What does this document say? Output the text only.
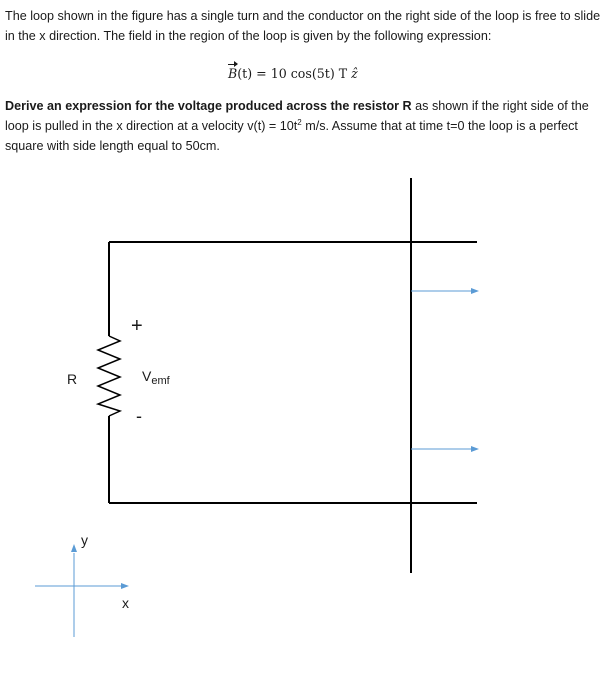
The loop shown in the figure has a single turn and the conductor on the right side of the loop is free to slide in the x direction. The field in the region of the loop is given by the following expression:

B(t) = 10 cos(5t) T ẑ

Derive an expression for the voltage produced across the resistor R as shown if the right side of the loop is pulled in the x direction at a velocity $v(t) = 10t^2$ m/s. Assume that at time t=0 the loop is a perfect square with side length equal to 50cm.

R
+
-
$V_{emf}$
y
x
